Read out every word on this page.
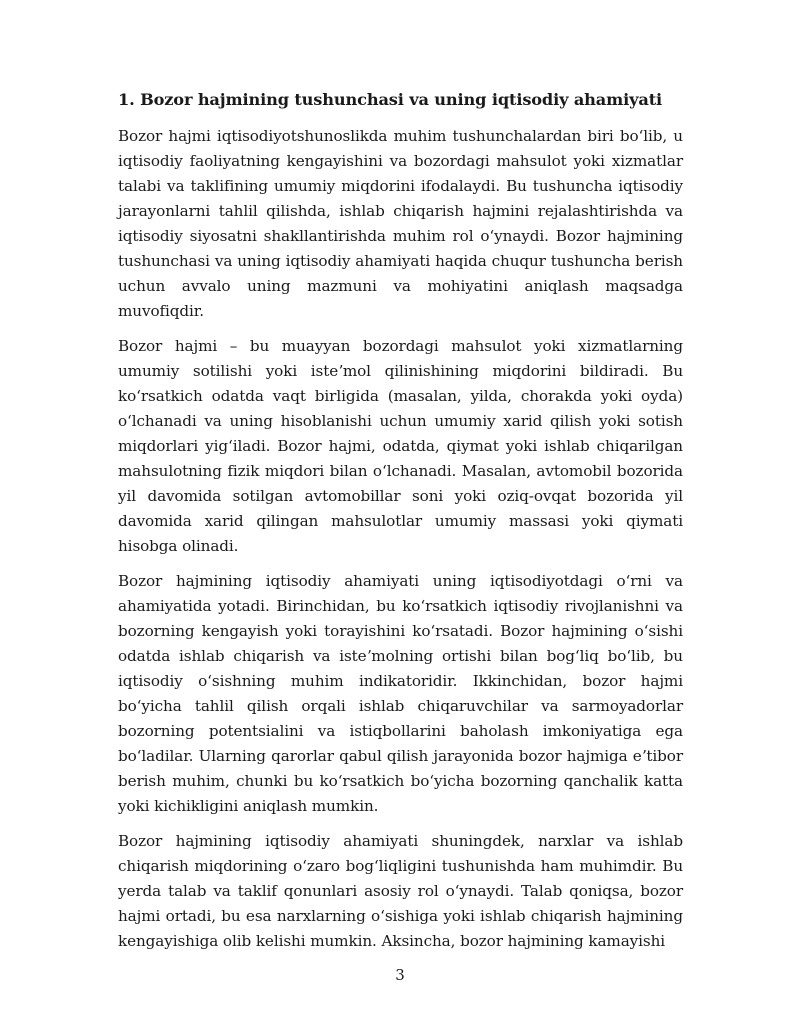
1. Bozor hajmining tushunchasi va uning iqtisodiy ahamiyati

Bozor hajmi iqtisodiyotshunoslikda muhim tushunchalardan biri boʻlib, u iqtisodiy faoliyatning kengayishini va bozordagi mahsulot yoki xizmatlar talabi va taklifining umumiy miqdorini ifodalaydi. Bu tushuncha iqtisodiy jarayonlarni tahlil qilishda, ishlab chiqarish hajmini rejalashtirishda va iqtisodiy siyosatni shakllantirishda muhim rol oʻynaydi. Bozor hajmining tushunchasi va uning iqtisodiy ahamiyati haqida chuqur tushuncha berish uchun avvalo uning mazmuni va mohiyatini aniqlash maqsadga muvofiqdir.

Bozor hajmi – bu muayyan bozordagi mahsulot yoki xizmatlarning umumiy sotilishi yoki isteʼmol qilinishining miqdorini bildiradi. Bu koʻrsatkich odatda vaqt birligida (masalan, yilda, chorakda yoki oyda) oʻlchanadi va uning hisoblanishi uchun umumiy xarid qilish yoki sotish miqdorlari yigʻiladi. Bozor hajmi, odatda, qiymat yoki ishlab chiqarilgan mahsulotning fizik miqdori bilan oʻlchanadi. Masalan, avtomobil bozorida yil davomida sotilgan avtomobillar soni yoki oziq-ovqat bozorida yil davomida xarid qilingan mahsulotlar umumiy massasi yoki qiymati hisobga olinadi.

Bozor hajmining iqtisodiy ahamiyati uning iqtisodiyotdagi oʻrni va ahamiyatida yotadi. Birinchidan, bu koʻrsatkich iqtisodiy rivojlanishni va bozorning kengayish yoki torayishini koʻrsatadi. Bozor hajmining oʻsishi odatda ishlab chiqarish va isteʼmolning ortishi bilan bogʻliq boʻlib, bu iqtisodiy oʻsishning muhim indikatoridir. Ikkinchidan, bozor hajmi boʻyicha tahlil qilish orqali ishlab chiqaruvchilar va sarmoyadorlar bozorning potentsialini va istiqbollarini baholash imkoniyatiga ega boʻladilar. Ularning qarorlar qabul qilish jarayonida bozor hajmiga eʼtibor berish muhim, chunki bu koʻrsatkich boʻyicha bozorning qanchalik katta yoki kichikligini aniqlash mumkin.

Bozor hajmining iqtisodiy ahamiyati shuningdek, narxlar va ishlab chiqarish miqdorining oʻzaro bogʻliqligini tushunishda ham muhimdir. Bu yerda talab va taklif qonunlari asosiy rol oʻynaydi. Talab qoniqsa, bozor hajmi ortadi, bu esa narxlarning oʻsishiga yoki ishlab chiqarish hajmining kengayishiga olib kelishi mumkin. Aksincha, bozor hajmining kamayishi

3
